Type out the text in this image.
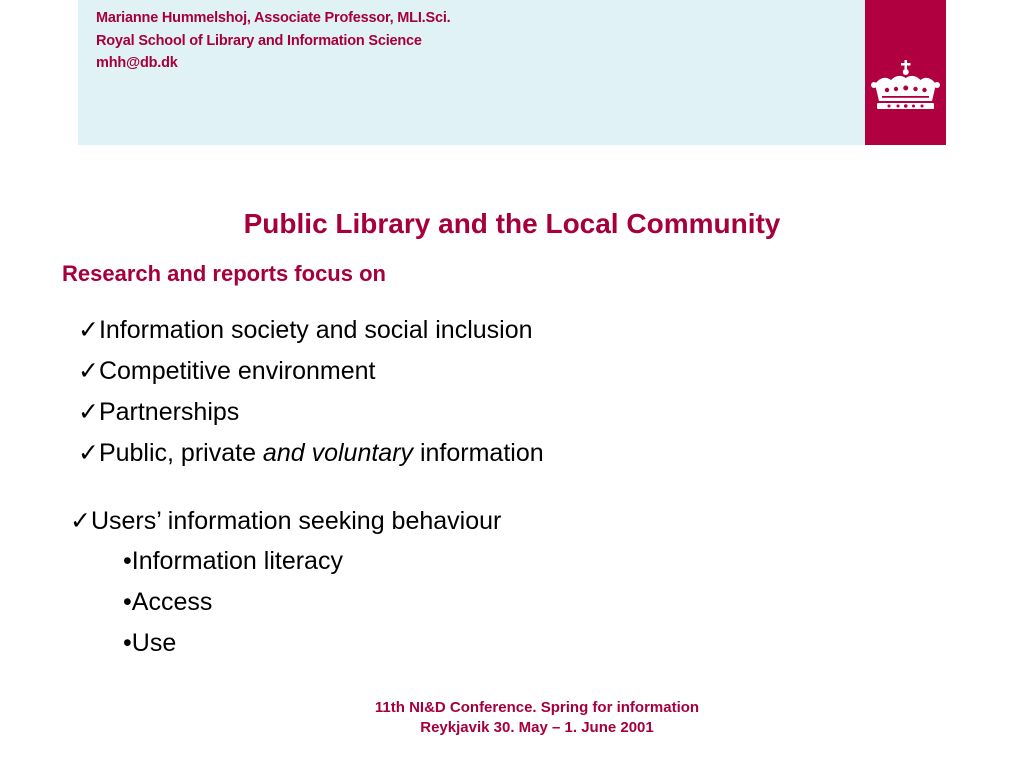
Marianne Hummelshoj, Associate Professor, MLI.Sci.
Royal School of Library and Information Science
mhh@db.dk
Public Library and the Local Community
Research and reports focus on
✓Information society and social inclusion
✓Competitive environment
✓Partnerships
✓Public, private and voluntary information
✓Users’ information seeking behaviour
•Information literacy
•Access
•Use
11th NI&D Conference. Spring for information
Reykjavik 30. May – 1. June 2001
